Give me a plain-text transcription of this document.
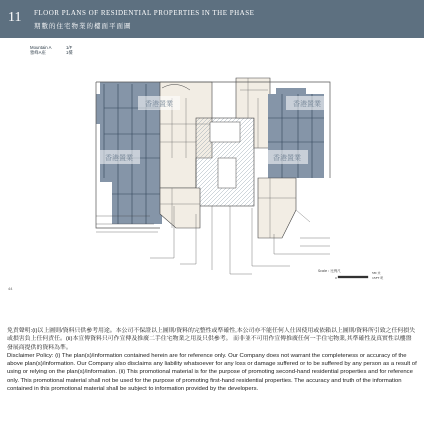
11 FLOOR PLANS OF RESIDENTIAL PROPERTIES IN THE PHASE
期數的住宅物業的樓面平面圖
Mountain A
雅峰A座
1/F
1樓
香港置業	香港置業
香港置業	香港置業
Scale : 比例尺
0
5M 米
15FT 呎
44

免責聲明:(i)以上圖則/資料只供參考用途。本公司不保證以上圖則/資料的完整性或準確性,本公司亦不能任何人仕因使用或依賴以上圖則/資料所引致之任何損失或損害負上任何責任。(ii)本宣傳資料只可作宣傳及推廣二手住宅物業之用及只供參考。 而非並不可用作宣傳推廣任何一手住宅物業,其準確性及真實性以樓盤發展商提供的資料為準。

Disclaimer Policy: (i) The plan(s)/information contained herein are for reference only. Our Company does not warrant the completeness or accuracy of the above plan(s)/information. Our Company also disclaims any liability whatsoever for any loss or damage suffered or to be suffered by any person as a result of using or relying on the plan(s)/information. (ii) This promotional material is for the purpose of promoting second-hand residential properties and for reference only. This promotional material shall not be used for the purpose of promoting first-hand residential properties. The accuracy and truth of the information contained in this promotional material shall be subject to information provided by the developers.
